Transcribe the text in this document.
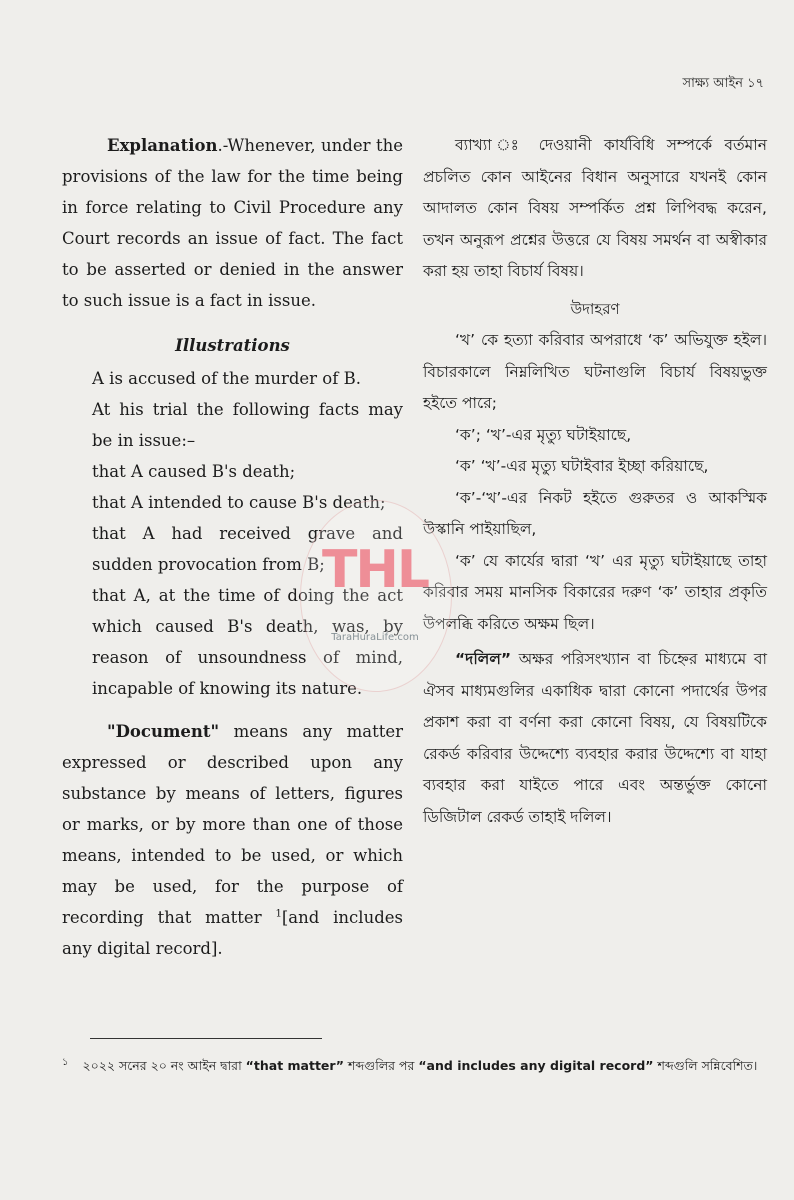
সাক্ষ্য আইন ১৭

Explanation.-Whenever, under the provisions of the law for the time being in force relating to Civil Procedure any Court records an issue of fact. The fact to be asserted or denied in the answer to such issue is a fact in issue.

Illustrations

A is accused of the murder of B.

At his trial the following facts may be in issue:–

that A caused B's death;

that A intended to cause B's death;

that A had received grave and sudden provocation from B;

that A, at the time of doing the act which caused B's death, was, by reason of unsoundness of mind, incapable of knowing its nature.

"Document" means any matter expressed or described upon any substance by means of letters, figures or marks, or by more than one of those means, intended to be used, or which may be used, for the purpose of recording that matter $^1$[and includes any digital record].

ব্যাখ্যা ঃ দেওয়ানী কার্যবিধি সম্পর্কে বর্তমান প্রচলিত কোন আইনের বিধান অনুসারে যখনই কোন আদালত কোন বিষয় সম্পর্কিত প্রশ্ন লিপিবদ্ধ করেন, তখন অনুরূপ প্রশ্নের উত্তরে যে বিষয় সমর্থন বা অস্বীকার করা হয় তাহা বিচার্য বিষয়।

উদাহরণ

‘খ’ কে হত্যা করিবার অপরাধে ‘ক’ অভিযুক্ত হইল। বিচারকালে নিম্নলিখিত ঘটনাগুলি বিচার্য বিষয়ভুক্ত হইতে পারে;

‘ক’; ‘খ’-এর মৃত্যু ঘটাইয়াছে,

‘ক’ ‘খ’-এর মৃত্যু ঘটাইবার ইচ্ছা করিয়াছে,

‘ক’-‘খ’-এর নিকট হইতে গুরুতর ও আকস্মিক উস্কানি পাইয়াছিল,

‘ক’ যে কার্যের দ্বারা ‘খ’ এর মৃত্যু ঘটাইয়াছে তাহা করিবার সময় মানসিক বিকারের দরুণ ‘ক’ তাহার প্রকৃতি উপলব্ধি করিতে অক্ষম ছিল।

“দলিল” অক্ষর পরিসংখ্যান বা চিহ্নের মাধ্যমে বা ঐসব মাধ্যমগুলির একাধিক দ্বারা কোনো পদার্থের উপর প্রকাশ করা বা বর্ণনা করা কোনো বিষয়, যে বিষয়টিকে রেকর্ড করিবার উদ্দেশ্যে ব্যবহার করার উদ্দেশ্যে বা যাহা ব্যবহার করা যাইতে পারে এবং অন্তর্ভুক্ত কোনো ডিজিটাল রেকর্ড তাহাই দলিল।

$^১$ ২০২২ সনের ২০ নং আইন দ্বারা “that matter” শব্দগুলির পর “and includes any digital record” শব্দগুলি সন্নিবেশিত।
THL
TaraHuraLife.com
